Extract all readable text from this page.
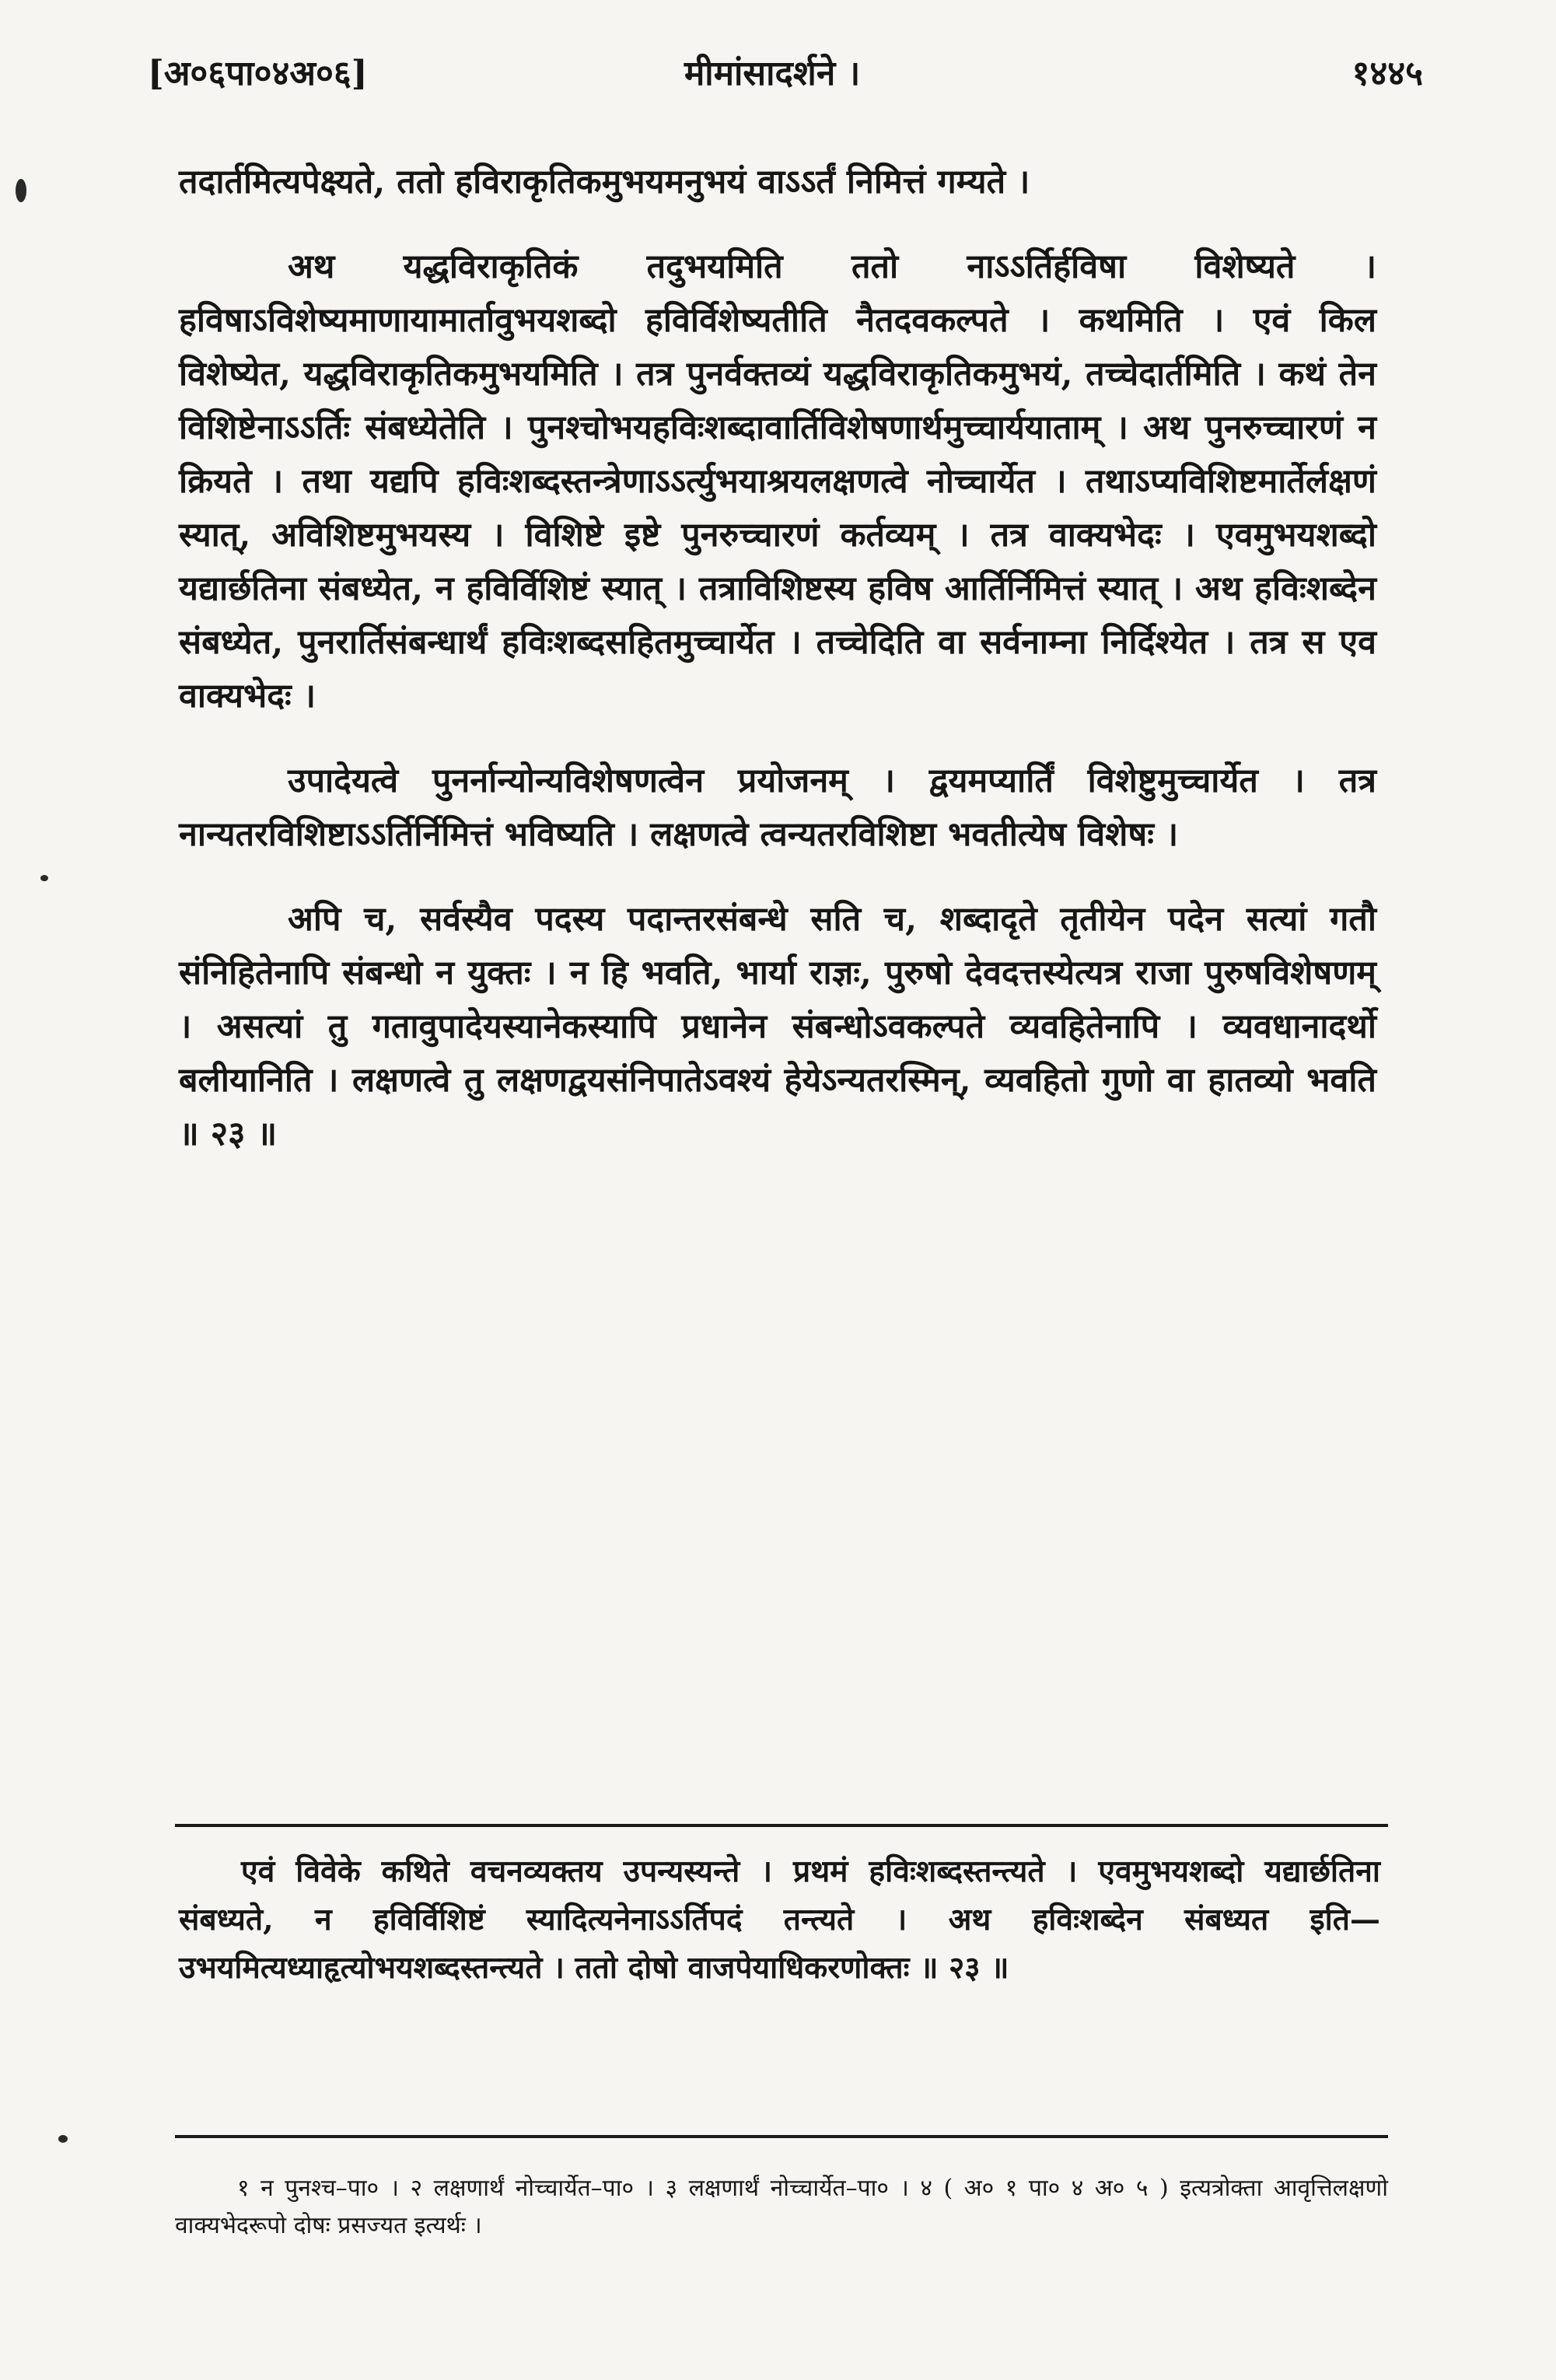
[अ०६पा०४अ०६]	मीमांसादर्शने ।	१४४५

तदार्तमित्यपेक्ष्यते, ततो हविराकृतिकमुभयमनुभयं वाऽऽर्तं निमित्तं गम्यते ।

अथ यद्धविराकृतिकं तदुभयमिति ततो नाऽऽर्तिर्हविषा विशेष्यते । हविषाऽविशेष्यमाणायामार्तावुभयशब्दो हविर्विशेष्यतीति नैतदवकल्पते । कथमिति । एवं किल विशेष्येत, यद्धविराकृतिकमुभयमिति । तत्र पुनर्वक्तव्यं यद्धविराकृतिकमुभयं, तच्चेदार्तमिति । कथं तेन विशिष्टेनाऽऽर्तिः संबध्येतेति । पुनश्चोभयहविःशब्दावार्तिविशेषणार्थमुच्चार्ययाताम् । अथ पुनरुच्चारणं न क्रियते । तथा यद्यपि हविःशब्दस्तन्त्रेणाऽऽर्त्युभयाश्रयलक्षणत्वे नोच्चार्येत । तथाऽप्यविशिष्टमार्तेर्लक्षणं स्यात्, अविशिष्टमुभयस्य । विशिष्टे इष्टे पुनरुच्चारणं कर्तव्यम् । तत्र वाक्यभेदः । एवमुभयशब्दो यद्यार्छतिना संबध्येत, न हविर्विशिष्टं स्यात् । तत्राविशिष्टस्य हविष आर्तिर्निमित्तं स्यात् । अथ हविःशब्देन संबध्येत, पुनरार्तिसंबन्धार्थं हविःशब्दसहितमुच्चार्येत । तच्चेदिति वा सर्वनाम्ना निर्दिश्येत । तत्र स एव वाक्यभेदः ।

उपादेयत्वे पुनर्नान्योन्यविशेषणत्वेन प्रयोजनम् । द्वयमप्यार्तिं विशेष्टुमुच्चार्येत । तत्र नान्यतरविशिष्टाऽऽर्तिर्निमित्तं भविष्यति । लक्षणत्वे त्वन्यतरविशिष्टा भवतीत्येष विशेषः ।

अपि च, सर्वस्यैव पदस्य पदान्तरसंबन्धे सति च, शब्दादृते तृतीयेन पदेन सत्यां गतौ संनिहितेनापि संबन्धो न युक्तः । न हि भवति, भार्या राज्ञः, पुरुषो देवदत्तस्येत्यत्र राजा पुरुषविशेषणम् । असत्यां तु गतावुपादेयस्यानेकस्यापि प्रधानेन संबन्धोऽवकल्पते व्यवहितेनापि । व्यवधानादर्थो बलीयानिति । लक्षणत्वे तु लक्षणद्वयसंनिपातेऽवश्यं हेयेऽन्यतरस्मिन्, व्यवहितो गुणो वा हातव्यो भवति ॥ २३ ॥

एवं विवेके कथिते वचनव्यक्तय उपन्यस्यन्ते । प्रथमं हविःशब्दस्तन्त्यते । एवमुभयशब्दो यद्यार्छतिना संबध्यते, न हविर्विशिष्टं स्यादित्यनेनाऽऽर्तिपदं तन्त्यते । अथ हविःशब्देन संबध्यत इति— उभयमित्यध्याहृत्योभयशब्दस्तन्त्यते । ततो दोषो वाजपेयाधिकरणोक्तः ॥ २३ ॥
१ न पुनश्च–पा० । २ लक्षणार्थं नोच्चार्येत–पा० । ३ लक्षणार्थं नोच्चार्येत–पा० । ४ ( अ० १ पा० ४ अ० ५ ) इत्यत्रोक्ता आवृत्तिलक्षणो वाक्यभेदरूपो दोषः प्रसज्यत इत्यर्थः ।
